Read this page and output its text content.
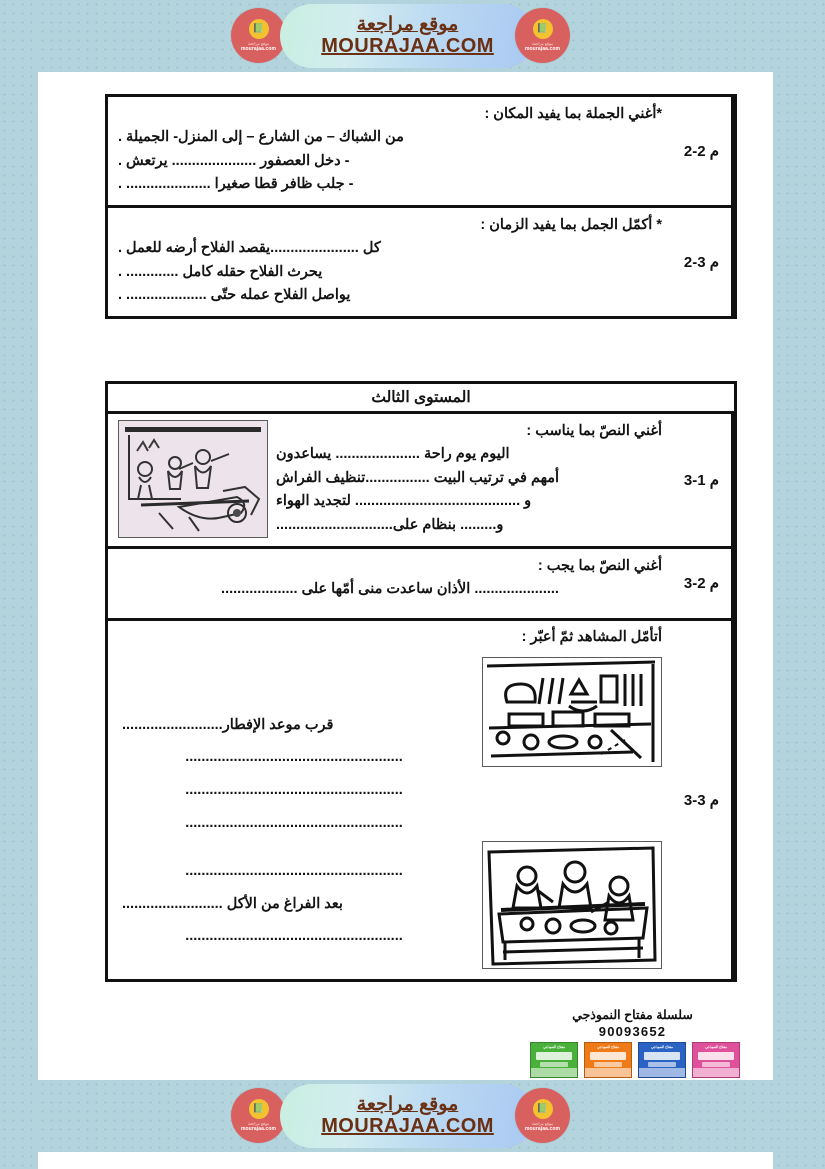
📗
موقع مراجعة
mourajaa.com
موقع مراجعة
MOURAJAA.COM
📗
موقع مراجعة
mourajaa.com
م 2-2
*أغني الجملة بما يفيد المكان :
من الشباك – من الشارع – إلى المنزل- الجميلة .
- دخل العصفور ..................... يرتعش .
- جلب ظافر قطا صغيرا ..................... .
م 3-2
* أكمّل الجمل بما يفيد الزمان :
كل ......................يقصد الفلاح أرضه للعمل .
يحرث الفلاح حقله كامل ............. .
يواصل الفلاح عمله حتّى .................... .
المستوى الثالث
م 1-3
أغني النصّ بما يناسب :
اليوم يوم راحة ..................... يساعدون
أمهم في ترتيب البيت ................تنظيف الفراش
و ......................................... لتجديد الهواء
و......... بنظام على.............................
م 2-3
أغني النصّ بما يجب :
..................... الأذان ساعدت منى أمّها على ...................
م 3-3
أتأمّل المشاهد ثمّ أعبّر :
قرب موعد الإفطار.........................
......................................................
......................................................
......................................................
......................................................
بعد الفراغ من الأكل .........................
......................................................
سلسلة مفتاح النموذجي
90093652
مفتاح النموذجي
مفتاح النموذجي
مفتاح النموذجي
مفتاح النموذجي
📗
موقع مراجعة
mourajaa.com
موقع مراجعة
MOURAJAA.COM
📗
موقع مراجعة
mourajaa.com
